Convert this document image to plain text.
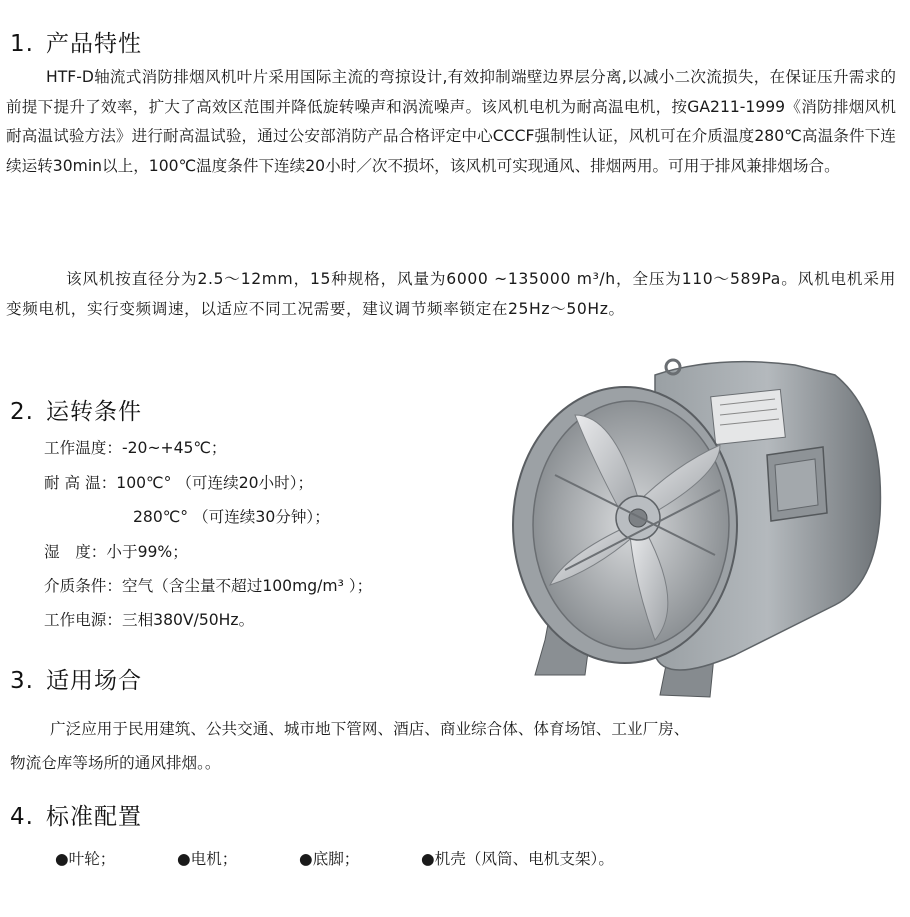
1. 产品特性

HTF-D轴流式消防排烟风机叶片采用国际主流的弯掠设计,有效抑制端壁边界层分离,以减小二次流损失，在保证压升需求的前提下提升了效率，扩大了高效区范围并降低旋转噪声和涡流噪声。该风机电机为耐高温电机，按GA211-1999《消防排烟风机耐高温试验方法》进行耐高温试验，通过公安部消防产品合格评定中心CCCF强制性认证，风机可在介质温度280℃高温条件下连续运转30min以上，100℃温度条件下连续20小时／次不损坏，该风机可实现通风、排烟两用。可用于排风兼排烟场合。

该风机按直径分为2.5～12mm，15种规格，风量为6000 ~135000 m³/h，全压为110～589Pa。风机电机采用变频电机，实行变频调速，以适应不同工况需要，建议调节频率锁定在25Hz～50Hz。

2. 运转条件
工作温度：-20~+45℃；
耐 高 温：100℃° （可连续20小时）；
280℃° （可连续30分钟）；
湿　度：小于99%；
介质条件：空气（含尘量不超过100mg/m³ ）；
工作电源：三相380V/50Hz。
3. 适用场合
广泛应用于民用建筑、公共交通、城市地下管网、酒店、商业综合体、体育场馆、工业厂房、
物流仓库等场所的通风排烟。。
4. 标准配置
●叶轮；	●电机；	●底脚；	●机壳（风筒、电机支架）。
